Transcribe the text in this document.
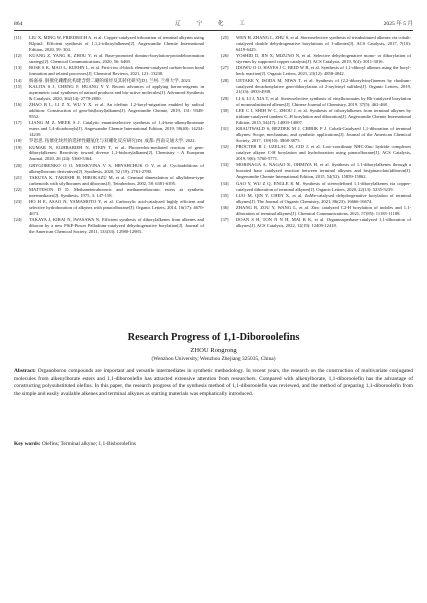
864	辽 宁 化 工	2025 年 5 月
[11]	LIU X, MING W, FRIEDRICH A, et al. Copper-catalyzed triboration of terminal alkynes using B2pin2: Efficient synthesis of 1,1,2-triborylalkenes[J]. Angewandte Chemie International Edition, 2020, 59: 304.
[12]	KUANG Z, YANG K, ZHOU Y, et al. Base-promoted domino-borylation-protodeboronation strategy[J]. Chemical Communications, 2020, 56: 6469.
[13]	BOSE S K, MAO L, KUEHN L, et al. First-row d-block element-catalyzed carbon-boron bond formation and related processes[J]. Chemical Reviews, 2021, 121: 13238.
[14]	杨嘉豪. 铜催化硼酯化构建含偕二硼的烯烃及其转化研究[D]. 兰州: 兰州大学, 2023.
[15]	KALITA S J, CHENG F, HUANG Y Y. Recent advances of applying boron-reagents in asymmetric total syntheses of natural products and bio-active molecules[J]. Advanced Synthesis & Catalysis, 2020, 362(14): 2778-2800.
[16]	ZHAO B L, LI Z X, WU Y X, et al. An olefinic 1,2-boryl-migration enabled by radical addition: Construction of gem-bis(boryl)alkanes[J]. Angewandte Chemie, 2019, 131: 9348-9552.
[17]	LIANG M Z, MEEK S J. Catalytic enantioselective synthesis of 1,4-keto-alkenylboronate esters and 1,4-dicarbonyls[J]. Angewandte Chemie International Edition, 2019, 58(40): 14234-14239.
[18]	罗恩思. 钴催化炔烃的选择性硼氢化与双硼化反应研究[D]. 成都: 西南交通大学, 2022.
[19]	KUMAR N, EGHBARIEH N, STEIN T, et al. Photoredox-mediated reaction of gem-diborylalkenes: Reactivity toward diverse 1,1-bisborylalkanes[J]. Chemistry - A European Journal, 2020, 26 (24): 5360-5364.
[20]	GRYGORENKO O O, MOSKVINA V S, HRYSHCHUK O V, et al. Cycloadditions of alkenylboronic derivatives[J]. Synthesis, 2020, 52 (19): 2761-2780.
[21]	TAKUYA K, TAKESHI H, HIROKAZU M, et al. Geminal dimetalation of alkylidene-type carbenoids with silylboranes and diborons[J]. Tetrahedron, 2002, 58: 6381-6395.
[22]	MATTESON D D. Methanetetraboronic and methanetriboronic esters as synthetic intermediates[J]. Synthesis, 1975, 3: 147-158.
[23]	HO H E, ASAO N, YAMAMOTO Y, et al. Carboxylic acid-catalyzed highly efficient and selective hydroboration of alkynes with pinacolborane[J]. Organic Letters, 2014, 16(17): 4670-4673.
[24]	TAKAYA J, KIRAI N, IWASAWA N. Efficient synthesis of diborylalkenes from alkenes and diboron by a new PSiP-Pincer Palladium-catalyzed dehydrogenative borylation[J]. Journal of the American Chemical Society, 2011, 133(33): 12980-12983.
[25]	WEN H, ZHANG L, ZHU S, et al. Stereoselective synthesis of trisubstituted alkenes via cobalt-catalyzed double dehydrogenative borylations of 1-alkenes[J]. ACS Catalysis, 2017, 7(10): 6419-6425.
[26]	YOSHID D, JIN X, MIZUNO N, et al. Selective dehydrogenative mono- or diborylation of styrenes by supported copper catalysts[J]. ACS Catalysis, 2019, 9(4): 3011-3016.
[27]	IDOWU O O, HAYES J C, REID W B, et al. Synthesis of 1,1-diboryl alkenes using the boryl-heck reaction[J]. Organic Letters, 2021, 23(12): 4858-4842.
[28]	UETAKE Y, ISODA M, NIWA T, et al. Synthesis of (2,2-diborylvinyl)arenes by rhodium-catalyzed decarbonylative gem-diborylation of 2-arylvinyl sulfides[J]. Organic Letters, 2019, 21(13): 4933-4938.
[29]	LI S, LI J, XIA T, et al. Stereoselective synthesis of vinylboronates by Rh-catalyzed borylation of monosubstituted allenes[J]. Chinese Journal of Chemistry, 2019, 37(5): 462-468.
[30]	LEE C I, SHIH W C, ZHOU J, et al. Synthesis of triborylalkenes from terminal alkynes by iridium-catalyzed tandem C–H borylation and diboration[J]. Angewandte Chemie International Edition, 2015, 54(47): 14003-14007.
[31]	KRAUTWALD S, BEZDEK M J, CHIRIK P J. Cobalt-Catalyzed 1,1-diboration of terminal alkynes: Scope, mechanism, and synthetic applications[J]. Journal of the American Chemical Society, 2017, 139(10): 3868-3875.
[32]	PROCTER R J, UZELAC M, CID J, et al. Low-coordinate NHC-Zinc hydride complexes catalyze alkyne C-H borylation and hydroboration using pinacolborane[J]. ACS Catalysis, 2019, 9(6): 5760-5771.
[33]	MORINAGA A, NAGAO K, OHMIYA H, et al. Synthesis of 1,1-diborylalkenes through a borrated base catalyzed reaction between terminal alkynes and bis(pinacolato)diboron[J]. Angewandte Chemie International Edition, 2015, 54(52): 15859-15862.
[34]	GAO Y, WU Z Q, ENGLE K M. Synthesis of stereodefined 1,1-diborylalkenes via copper-catalyzed diboration of terminal alkynes[J]. Organic Letters, 2020, 22(13): 5235-5239.
[35]	LUO M, QIN Y, CHEN X, et al. ZnMe-catalysed dehydrogenative borylation of terminal alkynes[J]. The Journal of Organic Chemistry, 2021, 86(23): 16666-16674.
[36]	ZHANG B, ZOU Y, WANG L, et al. Zinc catalyzed C2-H borylation of indoles and 1,1-diboration of terminal alkynes[J]. Chemical Communications, 2021, 57(85): 11185-11188.
[37]	DOAN S H, TON N N H, MAI B K, et al. Organosuperbase-catalyzed 1,1-diboration of alkynes[J]. ACS Catalysis, 2022, 12(19): 12409-12418.
Research Progress of 1,1-Diboroolefins
ZHOU Rongrong
(Wenzhou University, Wenzhou Zhejiang 325035, China)
Abstract: Organoboron compounds are important and versatile intermediates in synthetic methodology. In recent years, the research on the construction of multivariate conjugated molecules from alkenylborate esters and 1,1-diboroolefin has attracted extensive attention from researchers. Compared with alkenylborate, 1,1-diboroolefin has the advantage of constructing polysubstituted olefins. In this paper, the research progress of the synthesis method of 1,1-diboroolefin was reviewed, and the method of preparing 1,1-diboroolefin from the simple and easily available alkenes and terminal alkynes as starting materials was emphatically introduced.
Key words: Olefins; Terminal alkyne; 1,1-Bisborolefins
